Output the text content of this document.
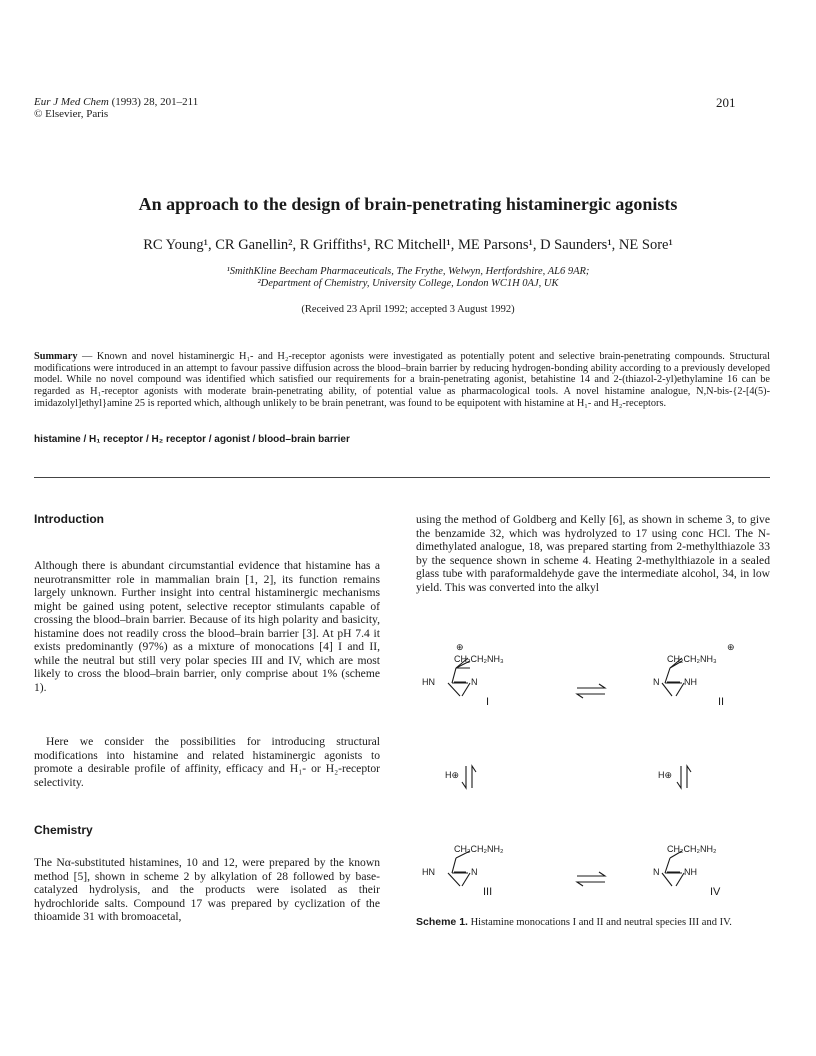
Eur J Med Chem (1993) 28, 201–211
© Elsevier, Paris
201
An approach to the design of brain-penetrating histaminergic agonists
RC Young¹, CR Ganellin², R Griffiths¹, RC Mitchell¹, ME Parsons¹, D Saunders¹, NE Sore¹
¹SmithKline Beecham Pharmaceuticals, The Frythe, Welwyn, Hertfordshire, AL6 9AR;
²Department of Chemistry, University College, London WC1H 0AJ, UK
(Received 23 April 1992; accepted 3 August 1992)
Summary — Known and novel histaminergic H₁- and H₂-receptor agonists were investigated as potentially potent and selective brain-penetrating compounds. Structural modifications were introduced in an attempt to favour passive diffusion across the blood–brain barrier by reducing hydrogen-bonding ability according to a previously developed model. While no novel compound was identified which satisfied our requirements for a brain-penetrating agonist, betahistine 14 and 2-(thiazol-2-yl)ethylamine 16 can be regarded as H₁-receptor agonists with moderate brain-penetrating ability, of potential value as pharmacological tools. A novel histamine analogue, N,N-bis-{2-[4(5)-imidazolyl]ethyl}amine 25 is reported which, although unlikely to be brain penetrant, was found to be equipotent with histamine at H₁- and H₂-receptors.
histamine / H₁ receptor / H₂ receptor / agonist / blood–brain barrier
Introduction
Although there is abundant circumstantial evidence that histamine has a neurotransmitter role in mammalian brain [1, 2], its function remains largely unknown. Further insight into central histaminergic mechanisms might be gained using potent, selective receptor stimulants capable of crossing the blood–brain barrier. Because of its high polarity and basicity, histamine does not readily cross the blood–brain barrier [3]. At pH 7.4 it exists predominantly (97%) as a mixture of monocations [4] I and II, while the neutral but still very polar species III and IV, which are most likely to cross the blood–brain barrier, only comprise about 1% (scheme 1).
Here we consider the possibilities for introducing structural modifications into histamine and related histaminergic agonists to promote a desirable profile of affinity, efficacy and H₁- or H₂-receptor selectivity.
Chemistry
The Nα-substituted histamines, 10 and 12, were prepared by the known method [5], shown in scheme 2 by alkylation of 28 followed by base-catalyzed hydrolysis, and the products were isolated as their hydrochloride salts. Compound 17 was prepared by cyclization of the thioamide 31 with bromoacetal,
using the method of Goldberg and Kelly [6], as shown in scheme 3, to give the benzamide 32, which was hydrolyzed to 17 using conc HCl. The N-dimethylated analogue, 18, was prepared starting from 2-methylthiazole 33 by the sequence shown in scheme 4. Heating 2-methylthiazole in a sealed glass tube with paraformaldehyde gave the intermediate alcohol, 34, in low yield. This was converted into the alkyl
⊕
CH₂CH₂NH₃
HN	N
I
⊕
CH₂CH₂NH₃
N	NH
II
H⊕	H⊕
CH₂CH₂NH₂
HN	N
III
CH₂CH₂NH₂
N	NH
IV
Scheme 1. Histamine monocations I and II and neutral species III and IV.
